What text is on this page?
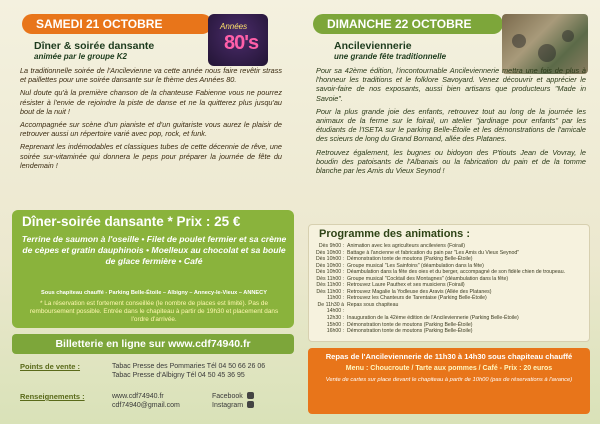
SAMEDI 21 OCTOBRE
Dîner & soirée dansante
animée par le groupe K2
Années
80's

La traditionnelle soirée de l'Ancilevienne va cette année nous faire revêtir strass et paillettes pour une soirée dansante sur le thème des Années 80.

Nul doute qu'à la première chanson de la chanteuse Fabienne vous ne pourrez résister à l'envie de rejoindre la piste de danse et ne la quitterez plus jusqu'au bout de la nuit !

Accompagnée sur scène d'un pianiste et d'un guitariste vous aurez le plaisir de retrouver aussi un répertoire varié avec pop, rock, et funk.

Reprenant les indémodables et classiques tubes de cette décennie de rêve, une soirée sur-vitaminée qui donnera le peps pour préparer la journée de fête du lendemain !

Dîner-soirée dansante * Prix : 25 €
Terrine de saumon à l'oseille • Filet de poulet fermier et sa crème de cèpes et gratin dauphinois • Moelleux au chocolat et sa boule de glace fermière • Café
Sous chapiteau chauffé - Parking Belle-Étoile – Albigny – Annecy-le-Vieux – ANNECY
* La réservation est fortement conseillée (le nombre de places est limité). Pas de remboursement possible. Entrée dans le chapiteau à partir de 19h30 et placement dans l'ordre d'arrivée.
Billetterie en ligne sur www.cdf74940.fr
Points de vente :	Tabac Presse des Pommaries Tél 04 50 66 26 06
Tabac Presse d'Albigny Tél 04 50 45 36 95
Renseignements :	www.cdf74940.fr
cdf74940@gmail.com
Facebook
Instagram
DIMANCHE 22 OCTOBRE
Ancileviennerie
une grande fête traditionnelle

Pour sa 42ème édition, l'incontournable Ancileviennerie mettra une fois de plus à l'honneur les traditions et le folklore Savoyard. Venez découvrir et apprécier le savoir-faire de nos exposants, aussi bien artisans que producteurs "Made in Savoie".

Pour la plus grande joie des enfants, retrouvez tout au long de la journée les animaux de la ferme sur le foirail, un atelier "jardinage pour enfants" par les étudiants de l'ISETA sur le parking Belle-Étoile et les démonstrations de l'amicale des scieurs de long du Grand Bornand, allée des Platanes.

Retrouvez également, les bugnes ou bidoyon des P'tiouts Jean de Vovray, le boudin des patoisants de l'Albanais ou la fabrication du pain et de la tomme blanche par les Amis du Vieux Seynod !

Programme des animations :
Dès 9h00 : Animation avec les agriculteurs ancileviens (Foirail)
Dès 10h00 : Battage à l'ancienne et fabrication du pain par "Les Amis du Vieux Seynod"
Dès 10h00 : Démonstration tonte de moutons (Parking Belle-Étoile)
Dès 10h00 : Groupe musical "Les Sainfoins" (déambulation dans la fête)
Dès 10h00 : Déambulation dans la fête des oies et du berger, accompagné de son fidèle chien de troupeau.
Dès 11h00 : Groupe musical "Cocktail des Montagnes" (déambulation dans la fête)
Dès 11h00 : Retrouvez Laure Pauthex et ses musiciens (Foirail)
Dès 11h00 : Retrouvez Magalie la Yodleuse des Aravis (Allée des Platanes)
11h00 : Retrouvez les Chanteurs de Tarentaise (Parking Belle-Étoile)
De 11h30 à 14h00 :
Repas sous chapiteau
12h30 : Inauguration de la 42ème édition de l'Ancileviennerie (Parking Belle-Étoile)
15h00 : Démonstration tonte de moutons (Parking Belle-Étoile)
16h00 : Démonstration tonte de moutons (Parking Belle-Étoile)
Repas de l'Ancileviennerie de 11h30 à 14h30 sous chapiteau chauffé
Menu : Choucroute / Tarte aux pommes / Café - Prix : 20 euros
Vente de cartes sur place devant le chapiteau à partir de 10h00 (pas de réservations à l'avance)
